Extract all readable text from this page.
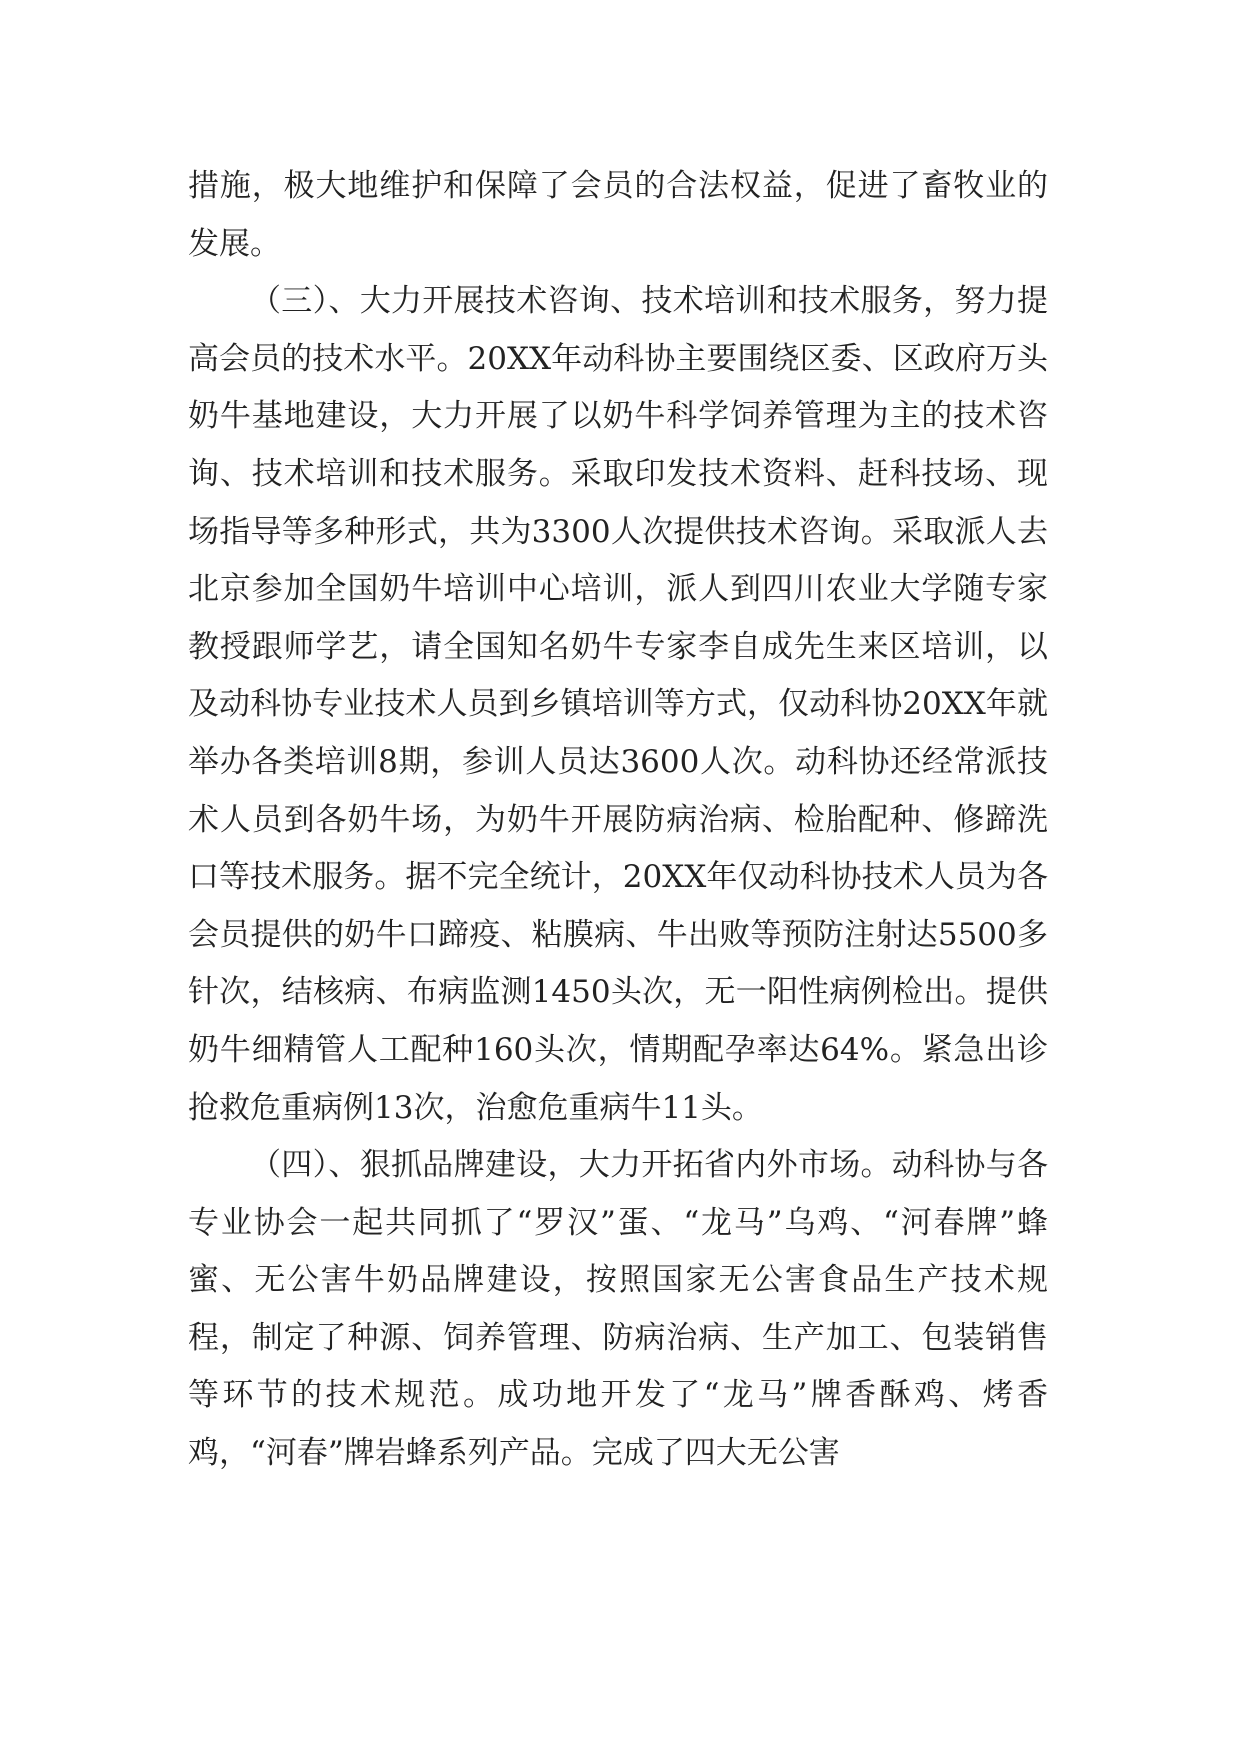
措施，极大地维护和保障了会员的合法权益，促进了畜牧业的发展。

（三）、大力开展技术咨询、技术培训和技术服务，努力提高会员的技术水平。20XX年动科协主要围绕区委、区政府万头奶牛基地建设，大力开展了以奶牛科学饲养管理为主的技术咨询、技术培训和技术服务。采取印发技术资料、赶科技场、现场指导等多种形式，共为3300人次提供技术咨询。采取派人去北京参加全国奶牛培训中心培训，派人到四川农业大学随专家教授跟师学艺，请全国知名奶牛专家李自成先生来区培训，以及动科协专业技术人员到乡镇培训等方式，仅动科协20XX年就举办各类培训8期，参训人员达3600人次。动科协还经常派技术人员到各奶牛场，为奶牛开展防病治病、检胎配种、修蹄洗口等技术服务。据不完全统计，20XX年仅动科协技术人员为各会员提供的奶牛口蹄疫、粘膜病、牛出败等预防注射达5500多针次，结核病、布病监测1450头次，无一阳性病例检出。提供奶牛细精管人工配种160头次，情期配孕率达64%。紧急出诊抢救危重病例13次，治愈危重病牛11头。

（四）、狠抓品牌建设，大力开拓省内外市场。动科协与各专业协会一起共同抓了“罗汉”蛋、“龙马”乌鸡、“河春牌”蜂蜜、无公害牛奶品牌建设，按照国家无公害食品生产技术规程，制定了种源、饲养管理、防病治病、生产加工、包装销售等环节的技术规范。成功地开发了“龙马”牌香酥鸡、烤香鸡，“河春”牌岩蜂系列产品。完成了四大无公害
